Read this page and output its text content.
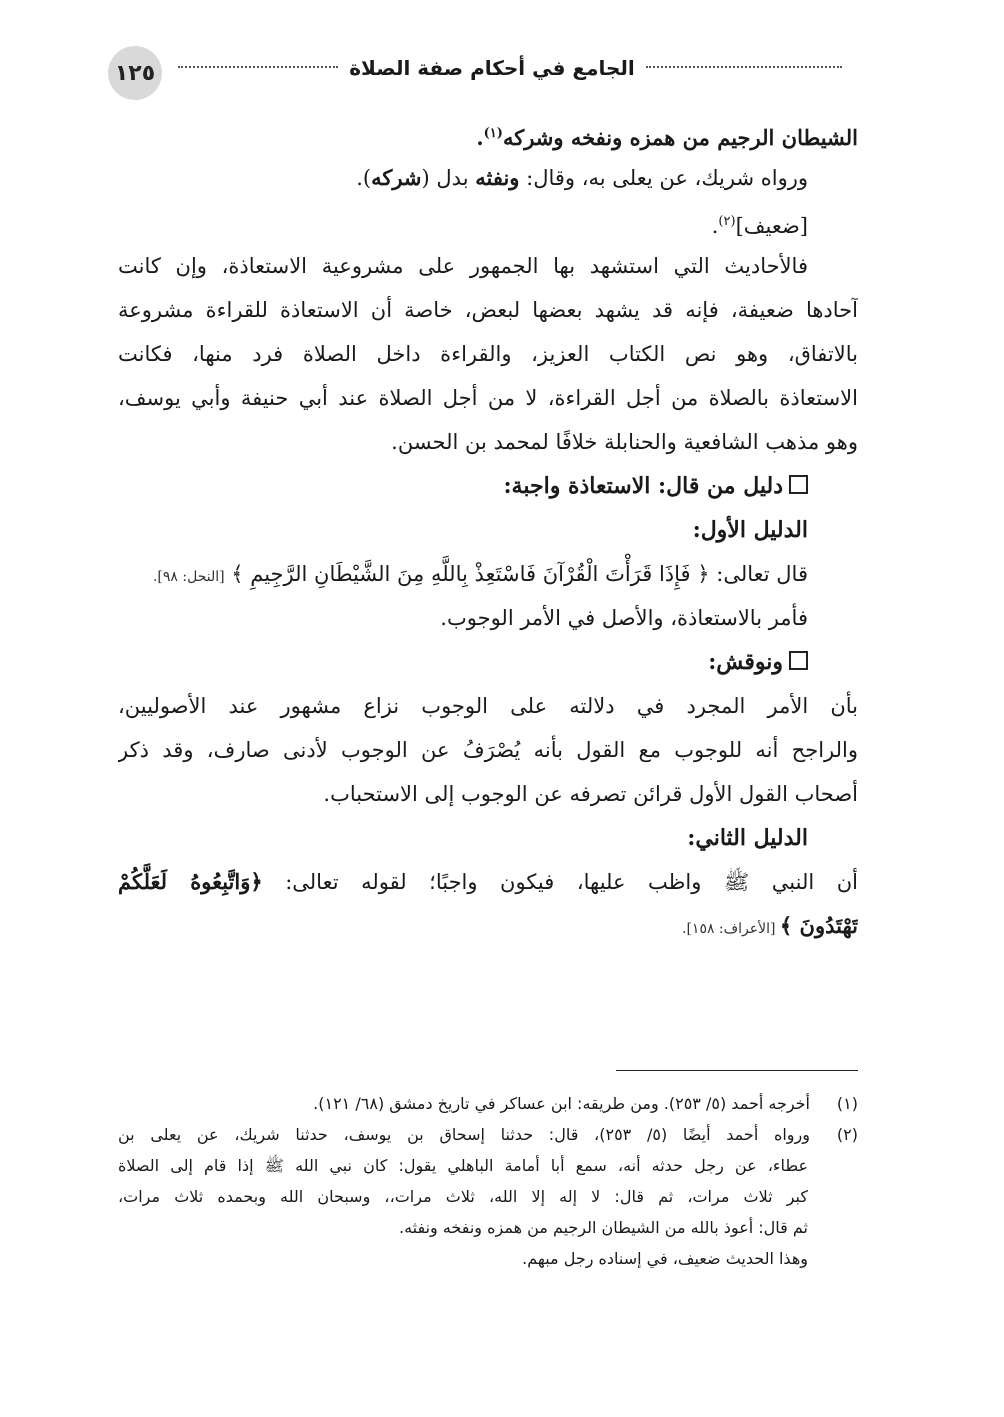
١٢٥	الجامع في أحكام صفة الصلاة
الشيطان الرجيم من همزه ونفخه وشركه$^{(١)}$.
ورواه شريك، عن يعلى به، وقال: ونفثه بدل (شركه).
[ضعيف]$^{(٢)}$.
فالأحاديث التي استشهد بها الجمهور على مشروعية الاستعاذة، وإن كانت
آحادها ضعيفة، فإنه قد يشهد بعضها لبعض، خاصة أن الاستعاذة للقراءة مشروعة
بالاتفاق، وهو نص الكتاب العزيز، والقراءة داخل الصلاة فرد منها، فكانت
الاستعاذة بالصلاة من أجل القراءة، لا من أجل الصلاة عند أبي حنيفة وأبي يوسف،
وهو مذهب الشافعية والحنابلة خلافًا لمحمد بن الحسن.
دليل من قال: الاستعاذة واجبة:
الدليل الأول:
قال تعالى: ﴿ فَإِذَا قَرَأْتَ الْقُرْآنَ فَاسْتَعِذْ بِاللَّهِ مِنَ الشَّيْطَانِ الرَّجِيمِ ﴾ [النحل: ٩٨].
فأمر بالاستعاذة، والأصل في الأمر الوجوب.
ونوقش:
بأن الأمر المجرد في دلالته على الوجوب نزاع مشهور عند الأصوليين،
والراجح أنه للوجوب مع القول بأنه يُصْرَفُ عن الوجوب لأدنى صارف، وقد ذكر
أصحاب القول الأول قرائن تصرفه عن الوجوب إلى الاستحباب.
الدليل الثاني:
أن النبي ﷺ واظب عليها، فيكون واجبًا؛ لقوله تعالى: ﴿وَاتَّبِعُوهُ لَعَلَّكُمْ
تَهْتَدُونَ ﴾ [الأعراف: ١٥٨].
(١)أخرجه أحمد (٥/ ٢٥٣). ومن طريقه: ابن عساكر في تاريخ دمشق (٦٨/ ١٢١).
(٢)ورواه أحمد أيضًا (٥/ ٢٥٣)، قال: حدثنا إسحاق بن يوسف، حدثنا شريك، عن يعلى بن
عطاء، عن رجل حدثه أنه، سمع أبا أمامة الباهلي يقول: كان نبي الله ﷺ إذا قام إلى الصلاة
كبر ثلاث مرات، ثم قال: لا إله إلا الله، ثلاث مرات،، وسبحان الله وبحمده ثلاث مرات،
ثم قال: أعوذ بالله من الشيطان الرجيم من همزه ونفخه ونفثه.
وهذا الحديث ضعيف، في إسناده رجل مبهم.
